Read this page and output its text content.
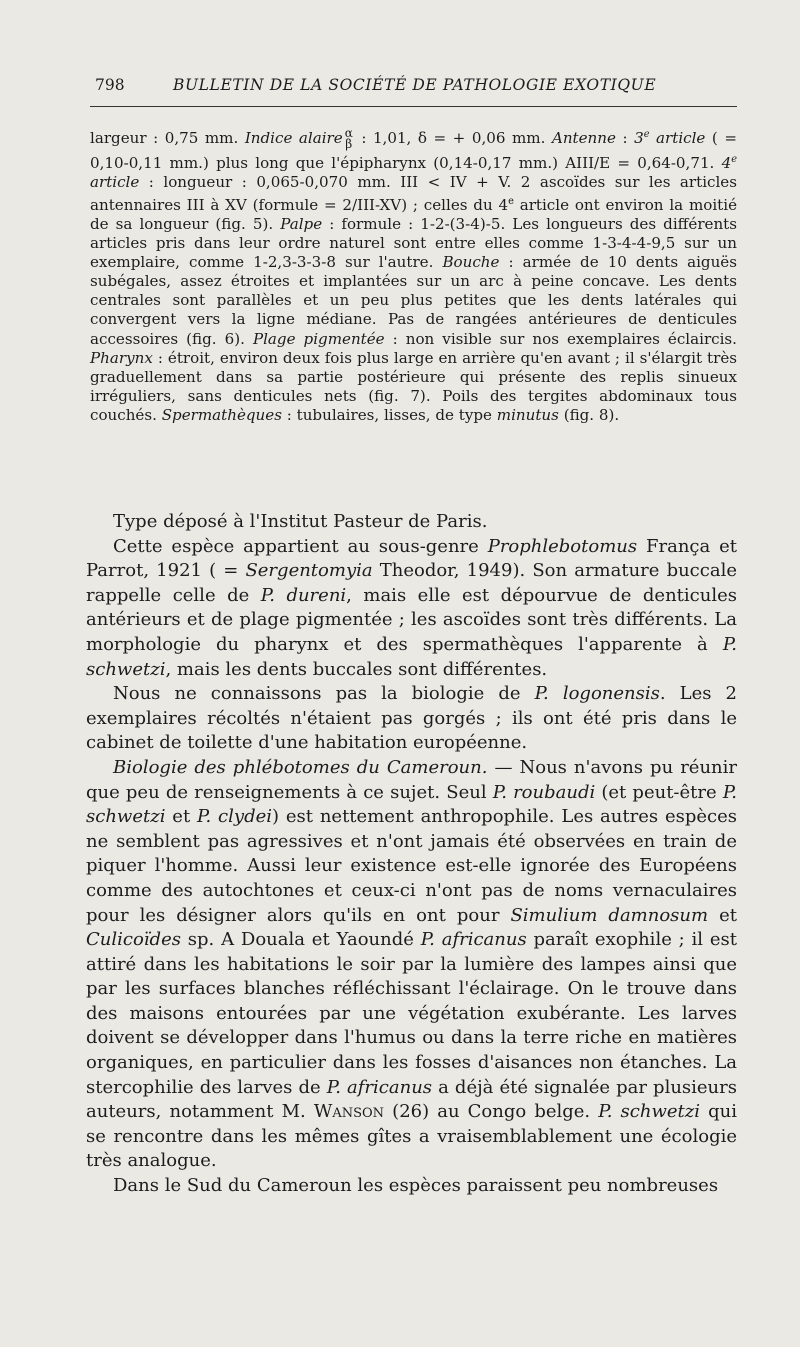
798	BULLETIN DE LA SOCIÉTÉ DE PATHOLOGIE EXOTIQUE

largeur : 0,75 mm. Indice alaire α
β : 1,01, δ = + 0,06 mm. Antenne : 3e article ( = 0,10-0,11 mm.) plus long que l'épipharynx (0,14-0,17 mm.) AIII/E = 0,64-0,71. 4e article : longueur : 0,065-0,070 mm. III < IV + V. 2 ascoïdes sur les articles antennaires III à XV (formule = 2/III-XV) ; celles du 4e article ont environ la moitié de sa longueur (fig. 5). Palpe : formule : 1-2-(3-4)-5. Les longueurs des différents articles pris dans leur ordre naturel sont entre elles comme 1-3-4-4-9,5 sur un exemplaire, comme 1-2,3-3-3-8 sur l'autre. Bouche : armée de 10 dents aiguës subégales, assez étroites et implantées sur un arc à peine concave. Les dents centrales sont parallèles et un peu plus petites que les dents latérales qui convergent vers la ligne médiane. Pas de rangées antérieures de denticules accessoires (fig. 6). Plage pigmentée : non visible sur nos exemplaires éclaircis. Pharynx : étroit, environ deux fois plus large en arrière qu'en avant ; il s'élargit très graduellement dans sa partie postérieure qui présente des replis sinueux irréguliers, sans denticules nets (fig. 7). Poils des tergites abdominaux tous couchés. Spermathèques : tubulaires, lisses, de type minutus (fig. 8).

Type déposé à l'Institut Pasteur de Paris.

Cette espèce appartient au sous-genre Prophlebotomus França et Parrot, 1921 ( = Sergentomyia Theodor, 1949). Son armature buccale rappelle celle de P. dureni, mais elle est dépourvue de denticules antérieurs et de plage pigmentée ; les ascoïdes sont très différents. La morphologie du pharynx et des spermathèques l'apparente à P. schwetzi, mais les dents buccales sont différentes.

Nous ne connaissons pas la biologie de P. logonensis. Les 2 exemplaires récoltés n'étaient pas gorgés ; ils ont été pris dans le cabinet de toilette d'une habitation européenne.

Biologie des phlébotomes du Cameroun. — Nous n'avons pu réunir que peu de renseignements à ce sujet. Seul P. roubaudi (et peut-être P. schwetzi et P. clydei) est nettement anthropophile. Les autres espèces ne semblent pas agressives et n'ont jamais été observées en train de piquer l'homme. Aussi leur existence est-elle ignorée des Européens comme des autochtones et ceux-ci n'ont pas de noms vernaculaires pour les désigner alors qu'ils en ont pour Simulium damnosum et Culicoïdes sp. A Douala et Yaoundé P. africanus paraît exophile ; il est attiré dans les habitations le soir par la lumière des lampes ainsi que par les surfaces blanches réfléchissant l'éclairage. On le trouve dans des maisons entourées par une végétation exubérante. Les larves doivent se développer dans l'humus ou dans la terre riche en matières organiques, en particulier dans les fosses d'aisances non étanches. La stercophilie des larves de P. africanus a déjà été signalée par plusieurs auteurs, notamment M. Wanson (26) au Congo belge. P. schwetzi qui se rencontre dans les mêmes gîtes a vraisemblablement une écologie très analogue.

Dans le Sud du Cameroun les espèces paraissent peu nombreuses
